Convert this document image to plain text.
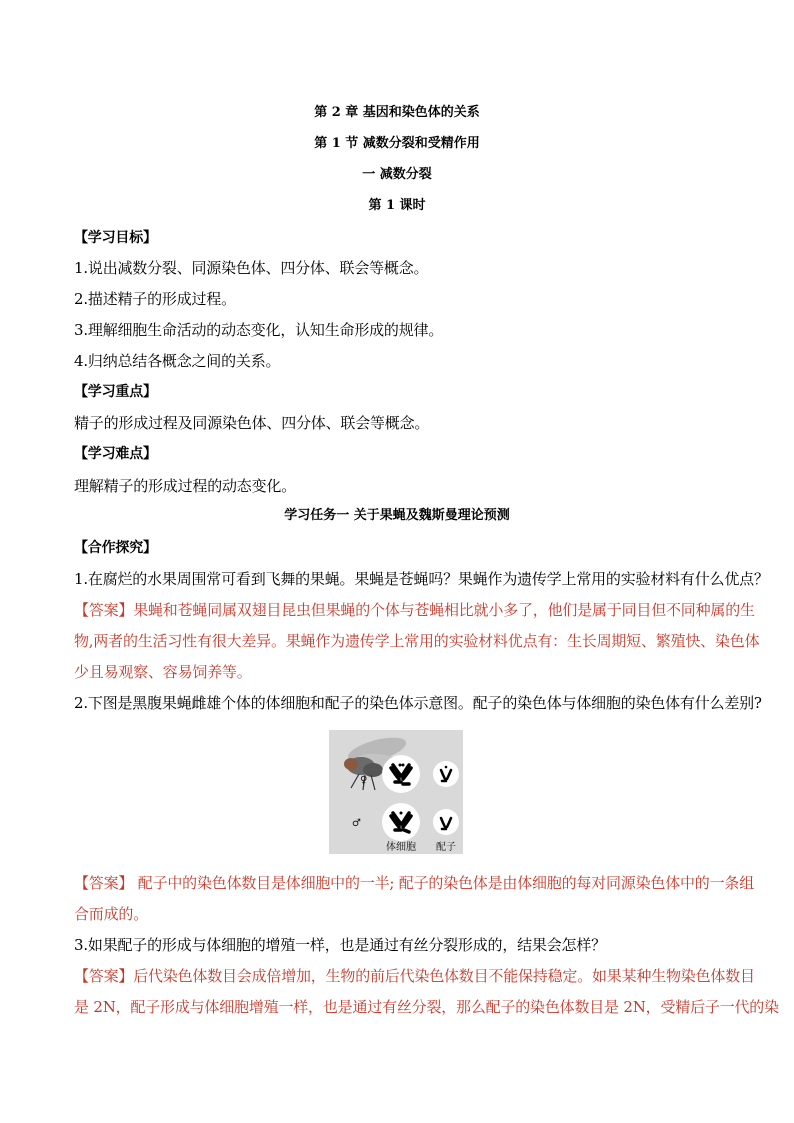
第 2 章 基因和染色体的关系
第 1 节 减数分裂和受精作用
一 减数分裂
第 1 课时
【学习目标】
1.说出减数分裂、同源染色体、四分体、联会等概念。
2.描述精子的形成过程。
3.理解细胞生命活动的动态变化，认知生命形成的规律。
4.归纳总结各概念之间的关系。
【学习重点】
精子的形成过程及同源染色体、四分体、联会等概念。
【学习难点】
理解精子的形成过程的动态变化。
学习任务一 关于果蝇及魏斯曼理论预测
【合作探究】
1.在腐烂的水果周围常可看到飞舞的果蝇。果蝇是苍蝇吗？果蝇作为遗传学上常用的实验材料有什么优点？
【答案】果蝇和苍蝇同属双翅目昆虫但果蝇的个体与苍蝇相比就小多了，他们是属于同目但不同种属的生
物,两者的生活习性有很大差异。果蝇作为遗传学上常用的实验材料优点有：生长周期短、繁殖快、染色体
少且易观察、容易饲养等。
2.下图是黑腹果蝇雌雄个体的体细胞和配子的染色体示意图。配子的染色体与体细胞的染色体有什么差别?
♀
♂
体细胞 配子
【答案】 配子中的染色体数目是体细胞中的一半; 配子的染色体是由体细胞的每对同源染色体中的一条组
合而成的。
3.如果配子的形成与体细胞的增殖一样，也是通过有丝分裂形成的，结果会怎样？
【答案】后代染色体数目会成倍增加，生物的前后代染色体数目不能保持稳定。如果某种生物染色体数目
是 2N，配子形成与体细胞增殖一样，也是通过有丝分裂，那么配子的染色体数目是 2N，受精后子一代的染
